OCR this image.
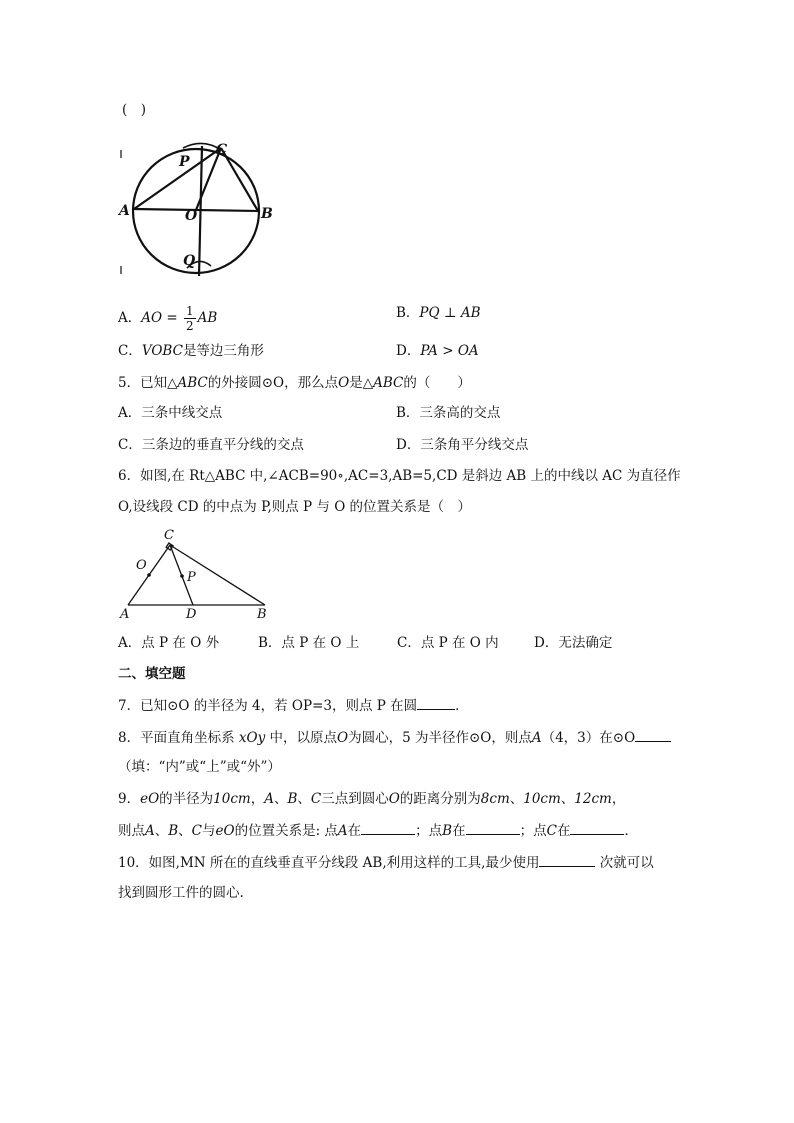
(　)
P
C
A	O	B
Q
A．AO = $\frac{1}{2}$ AB	B．PQ ⊥ AB
C．VOBC是等边三角形	D．PA > OA
5．已知△ABC的外接圆⊙O，那么点O是△ABC的（　　）
A．三条中线交点	B．三条高的交点
C．三条边的垂直平分线的交点	D．三条角平分线交点
6．如图,在 Rt△ABC 中,∠ACB=90∘,AC=3,AB=5,CD 是斜边 AB 上的中线以 AC 为直径作
O,设线段 CD 的中点为 P,则点 P 与 O 的位置关系是（　）
C
O
P
A	D	B
A．点 P 在 O 外	B．点 P 在 O 上	C．点 P 在 O 内	D．无法确定
二、填空题
7．已知⊙O 的半径为 4，若 OP=3，则点 P 在圆	．
8．平面直角坐标系 xOy 中，以原点O为圆心，5 为半径作⊙O，则点A（4，3）在⊙O
（填：“内”或“上”或“外”）
9．eO的半径为10cm，A、B、C三点到圆心O的距离分别为8cm、10cm、12cm，
则点A、B、C与eO的位置关系是: 点A在	；点B在	；点C在	．
10．如图,MN 所在的直线垂直平分线段 AB,利用这样的工具,最少使用	次就可以
找到圆形工件的圆心.
